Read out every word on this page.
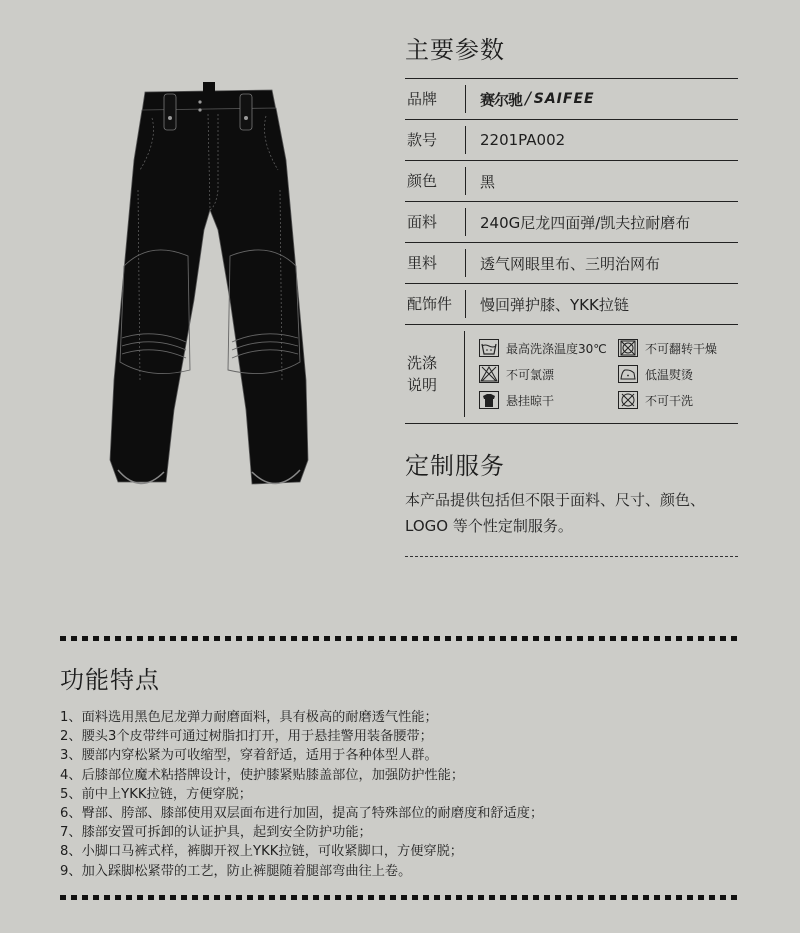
主要参数
品牌	赛尔驰 / SAIFEE
款号	2201PA002
颜色	黑
面料	240G尼龙四面弹/凯夫拉耐磨布
里料	透气网眼里布、三明治网布
配饰件	慢回弹护膝、YKK拉链
洗涤
说明
最高洗涤温度30℃	不可翻转干燥
不可氯漂	低温熨烫
悬挂晾干	不可干洗
定制服务
本产品提供包括但不限于面料、尺寸、颜色、
LOGO 等个性定制服务。
功能特点
1、面料选用黑色尼龙弹力耐磨面料，具有极高的耐磨透气性能；
2、腰头3个皮带绊可通过树脂扣打开，用于悬挂警用装备腰带；
3、腰部内穿松紧为可收缩型，穿着舒适，适用于各种体型人群。
4、后膝部位魔术粘搭牌设计，使护膝紧贴膝盖部位，加强防护性能；
5、前中上YKK拉链，方便穿脱；
6、臀部、胯部、膝部使用双层面布进行加固，提高了特殊部位的耐磨度和舒适度；
7、膝部安置可拆卸的认证护具，起到安全防护功能；
8、小脚口马裤式样，裤脚开衩上YKK拉链，可收紧脚口，方便穿脱；
9、加入踩脚松紧带的工艺，防止裤腿随着腿部弯曲往上卷。
